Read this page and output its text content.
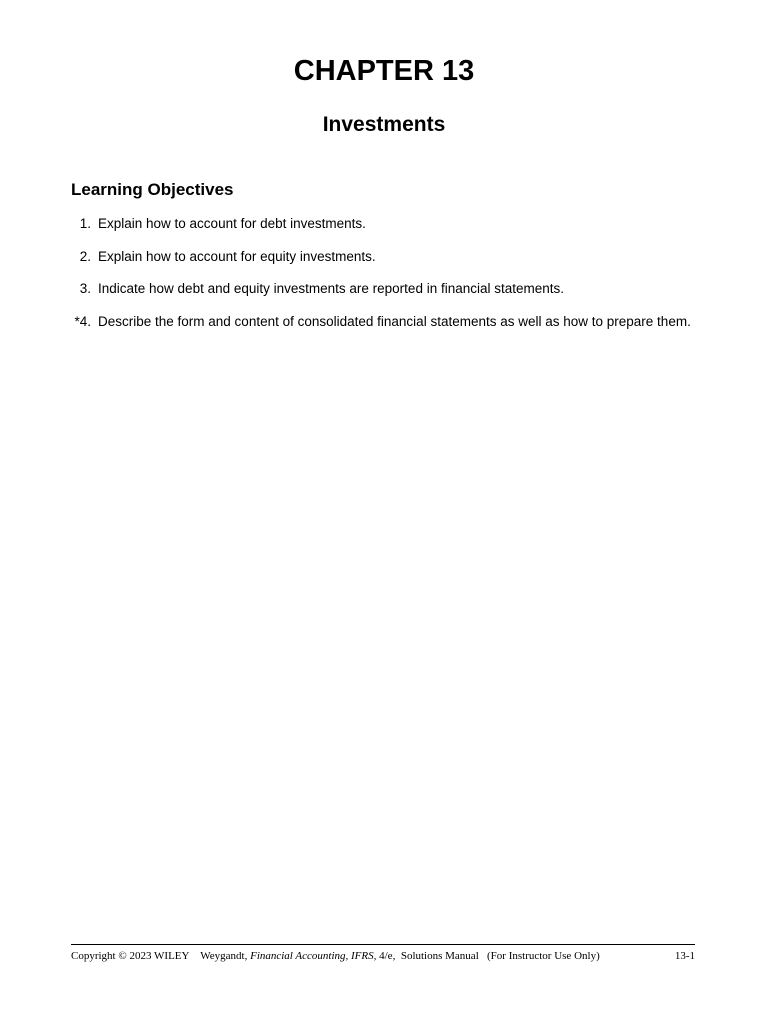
CHAPTER 13
Investments
Learning Objectives
1. Explain how to account for debt investments.
2. Explain how to account for equity investments.
3. Indicate how debt and equity investments are reported in financial statements.
*4. Describe the form and content of consolidated financial statements as well as how to prepare them.
Copyright © 2023 WILEY Weygandt, Financial Accounting, IFRS, 4/e, Solutions Manual (For Instructor Use Only)	13-1
